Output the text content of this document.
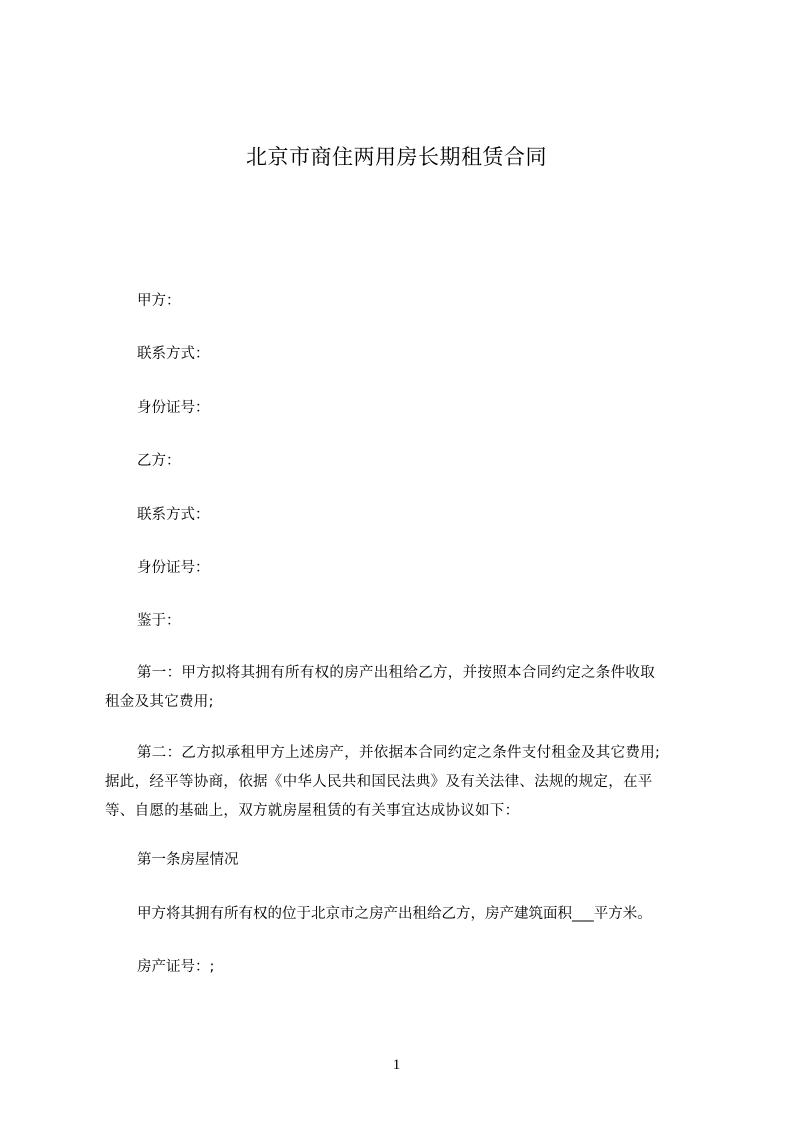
北京市商住两用房长期租赁合同
甲方：
联系方式：
身份证号：
乙方：
联系方式：
身份证号：
鉴于：
第一：甲方拟将其拥有所有权的房产出租给乙方，并按照本合同约定之条件收取
租金及其它费用;
第二：乙方拟承租甲方上述房产，并依据本合同约定之条件支付租金及其它费用;
据此，经平等协商，依据《中华人民共和国民法典》及有关法律、法规的规定，在平
等、自愿的基础上，双方就房屋租赁的有关事宜达成协议如下：
第一条房屋情况
甲方将其拥有所有权的位于北京市之房产出租给乙方，房产建筑面积___平方米。
房产证号：;
1
